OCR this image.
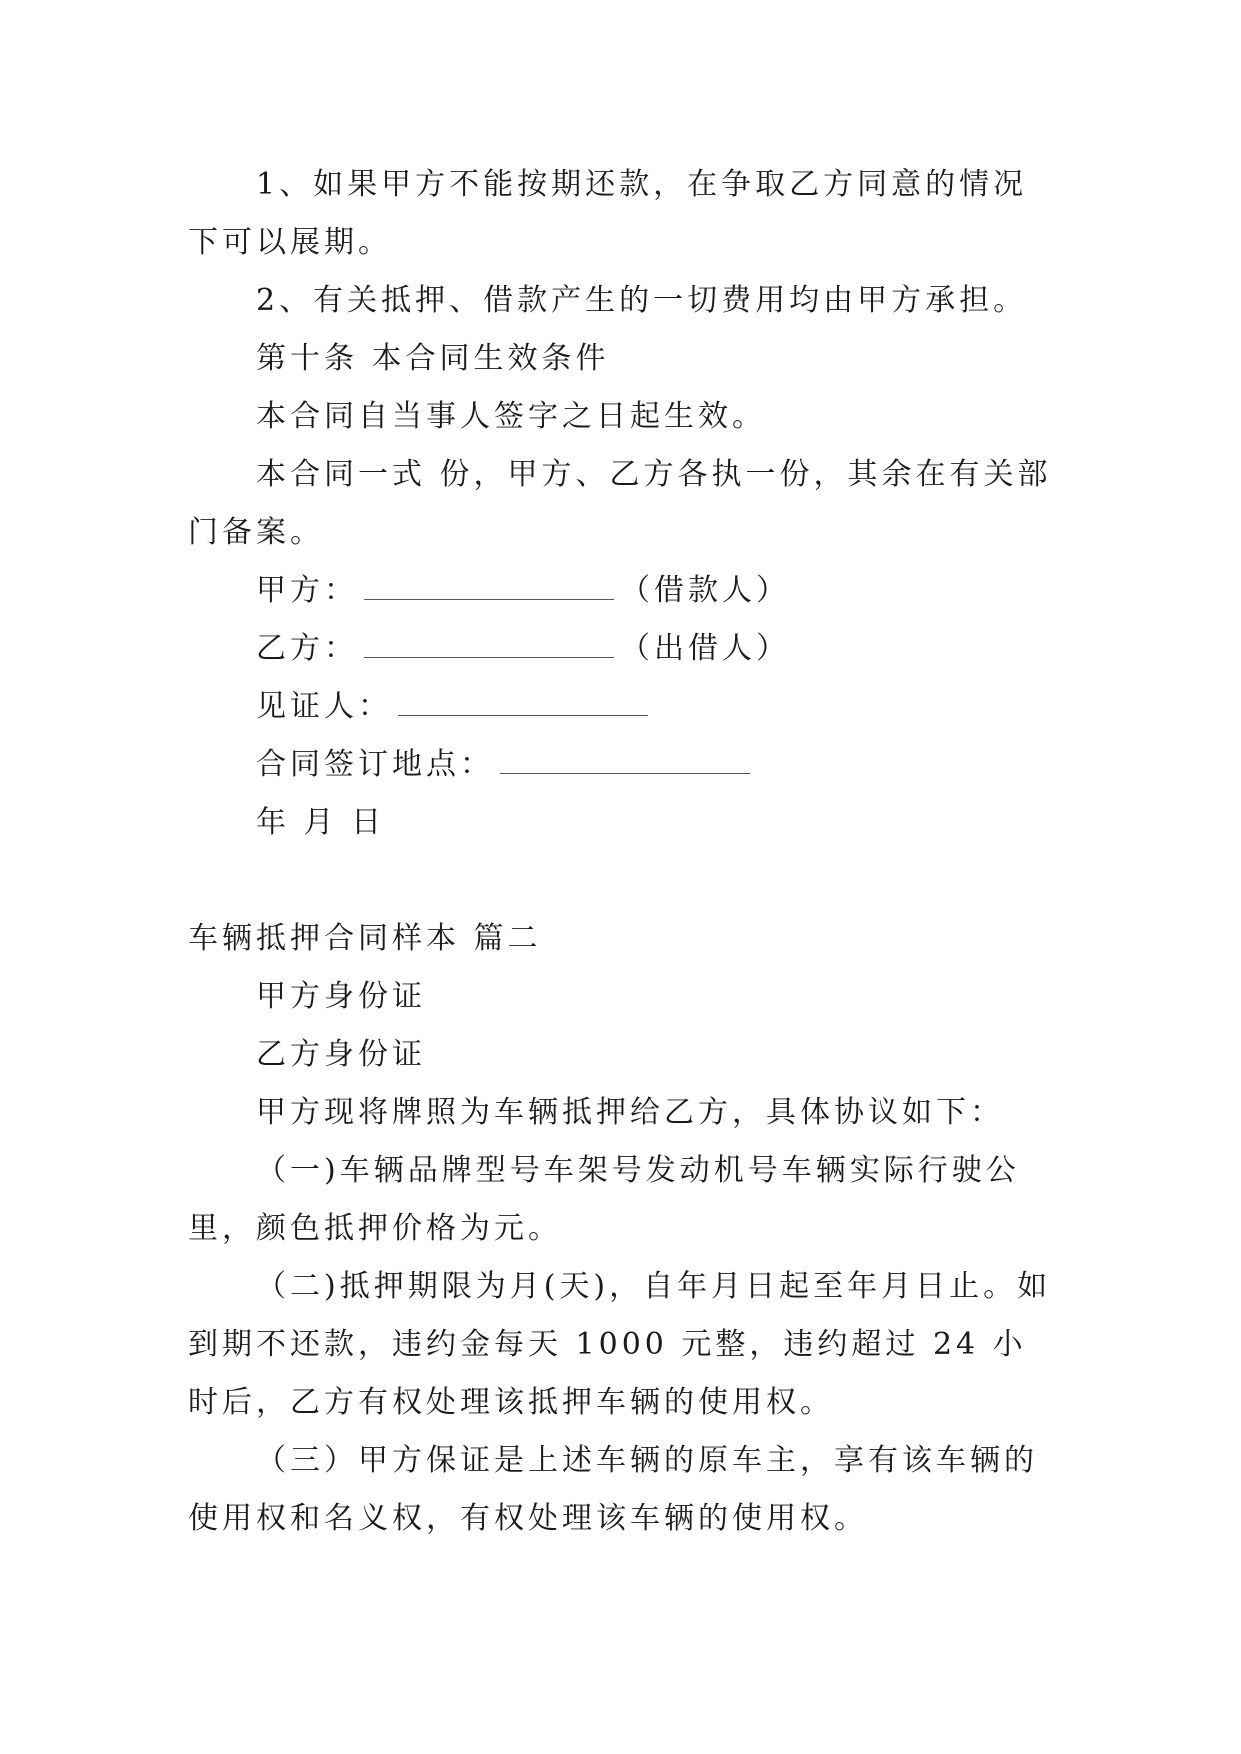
1、如果甲方不能按期还款，在争取乙方同意的情况下可以展期。

2、有关抵押、借款产生的一切费用均由甲方承担。

第十条 本合同生效条件

本合同自当事人签字之日起生效。

本合同一式 份，甲方、乙方各执一份，其余在有关部门备案。

甲方：	（借款人）

乙方：	（出借人）

见证人：

合同签订地点：

年 月 日

车辆抵押合同样本 篇二

甲方身份证

乙方身份证

甲方现将牌照为车辆抵押给乙方，具体协议如下：

（一)车辆品牌型号车架号发动机号车辆实际行驶公里，颜色抵押价格为元。

（二)抵押期限为月(天)，自年月日起至年月日止。如到期不还款，违约金每天 1000 元整，违约超过 24 小时后，乙方有权处理该抵押车辆的使用权。

（三）甲方保证是上述车辆的原车主，享有该车辆的使用权和名义权，有权处理该车辆的使用权。
